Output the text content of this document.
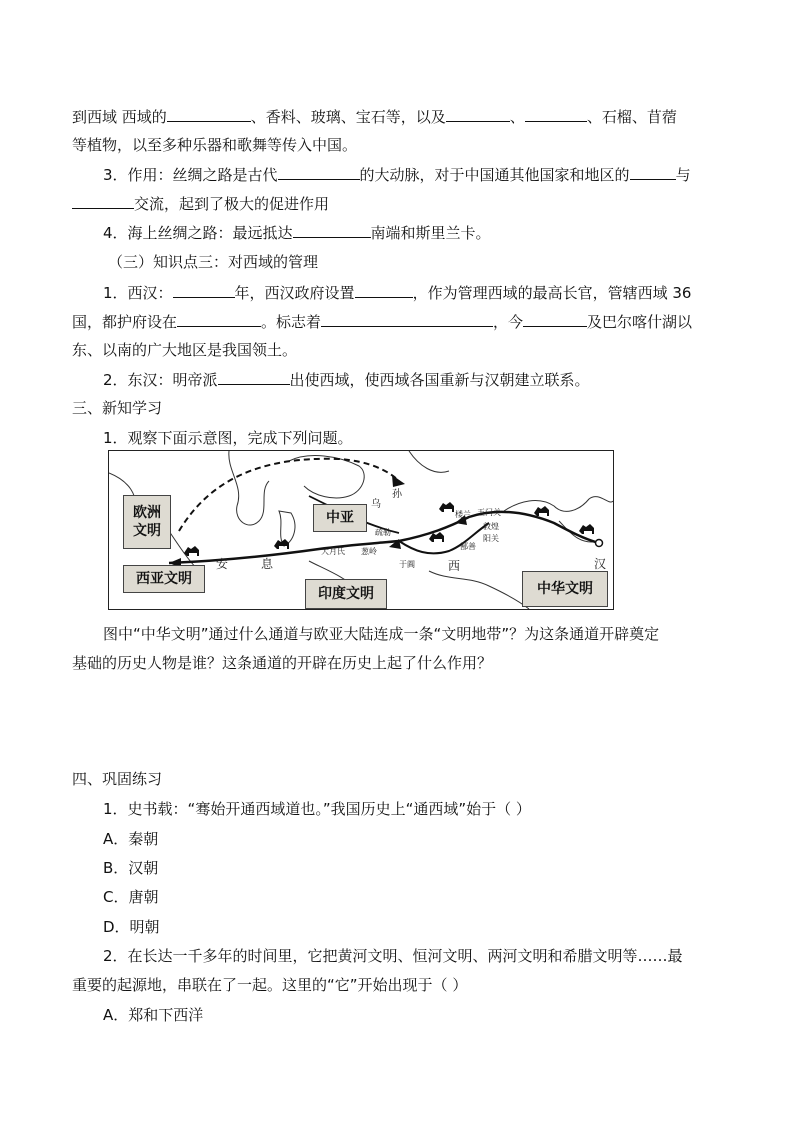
到西域 西域的	、香料、玻璃、宝石等，以及	、	、石榴、苜蓿
等植物，以至多种乐器和歌舞等传入中国。
3．作用：丝绸之路是古代	的大动脉，对于中国通其他国家和地区的	与
交流，起到了极大的促进作用
4．海上丝绸之路：最远抵达	南端和斯里兰卡。
（三）知识点三：对西域的管理
1．西汉：	年，西汉政府设置	，作为管理西域的最高长官，管辖西域 36
国，都护府设在	。标志着	，今	及巴尔喀什湖以
东、以南的广大地区是我国领土。
2．东汉：明帝派	出使西域，使西域各国重新与汉朝建立联系。
三、新知学习
1．观察下面示意图，完成下列问题。
欧洲
文明
中亚
西亚文明
印度文明	中华文明
乌
孙
楼兰 玉门关
敦煌
阳关
疏勒
大月氏 葱岭
于阗
鄯善
安	息	西	汉
图中“中华文明”通过什么通道与欧亚大陆连成一条“文明地带”？为这条通道开辟奠定
基础的历史人物是谁？这条通道的开辟在历史上起了什么作用？
四、巩固练习
1．史书载：“骞始开通西域道也。”我国历史上“通西域”始于（ ）
A．秦朝
B．汉朝
C．唐朝
D．明朝
2．在长达一千多年的时间里，它把黄河文明、恒河文明、两河文明和希腊文明等……最
重要的起源地，串联在了一起。这里的“它”开始出现于（ ）
A．郑和下西洋
